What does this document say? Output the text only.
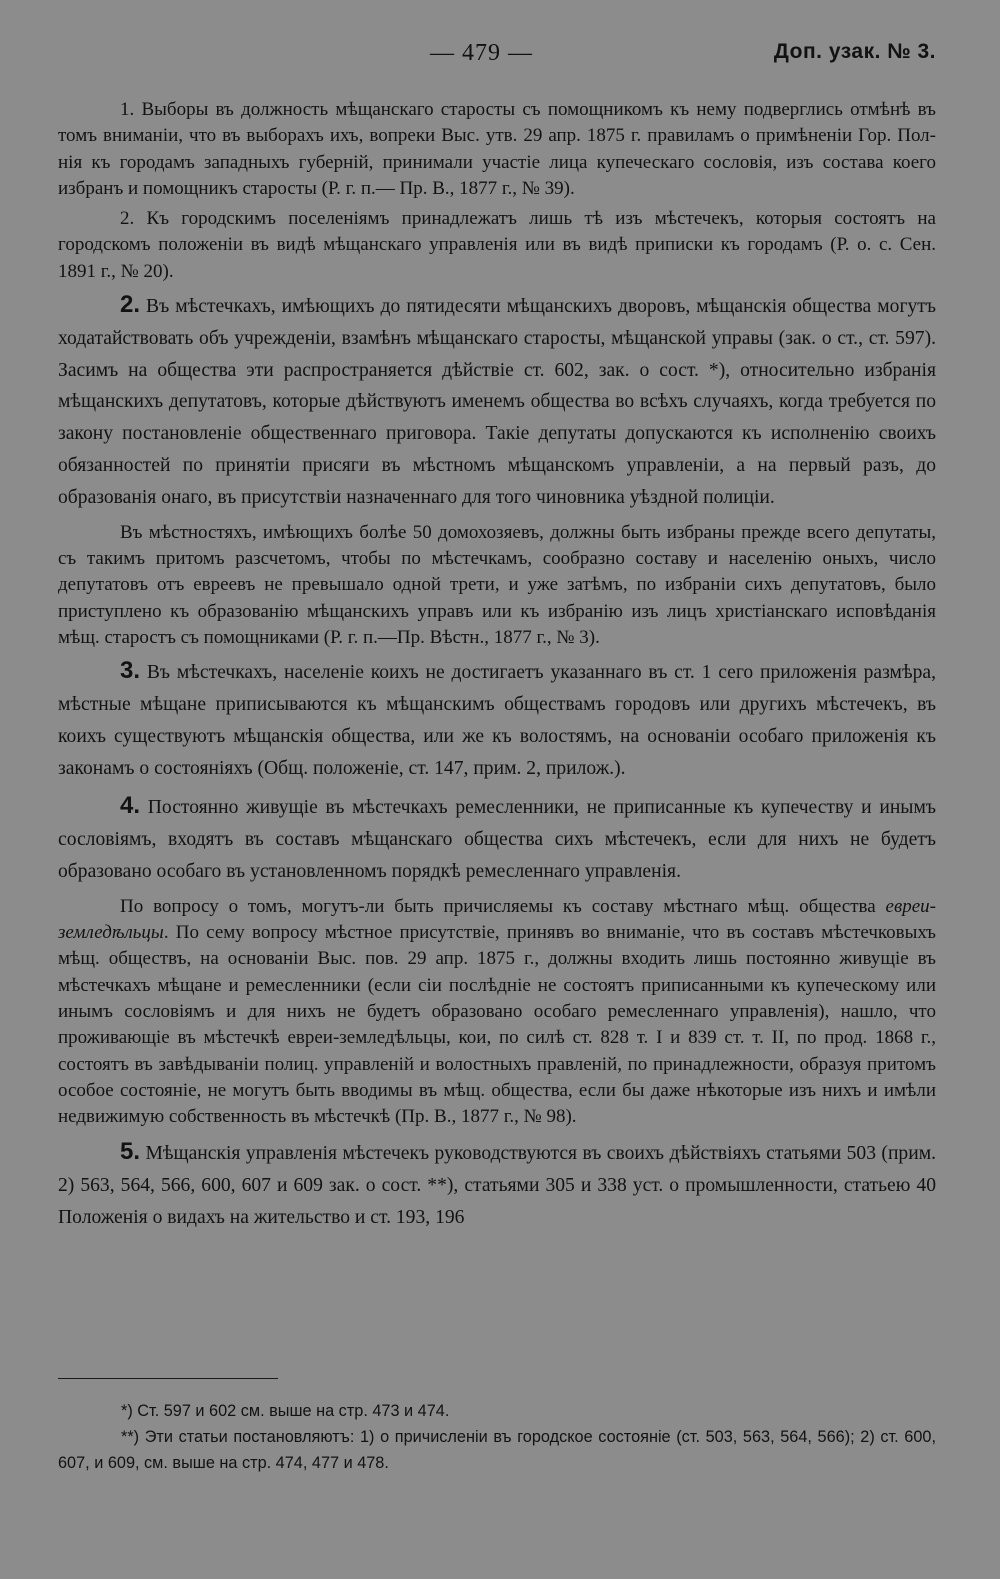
— 479 —	Доп. узак. № 3.

1. Выборы въ должность мѣщанскаго старосты съ помощникомъ къ нему подверглись отмѣнѣ въ томъ вниманіи, что въ выборахъ ихъ, вопреки Выс. утв. 29 апр. 1875 г. правиламъ о примѣненіи Гор. Пол-нія къ городамъ западныхъ губерній, принимали участіе лица купеческаго сословія, изъ состава коего избранъ и помощникъ старосты (Р. г. п.— Пр. В., 1877 г., № 39).

2. Къ городскимъ поселеніямъ принадлежатъ лишь тѣ изъ мѣстечекъ, которыя состоятъ на городскомъ положеніи въ видѣ мѣщанскаго управленія или въ видѣ приписки къ городамъ (Р. о. с. Сен. 1891 г., № 20).

2. Въ мѣстечкахъ, имѣющихъ до пятидесяти мѣщанскихъ дворовъ, мѣщанскія общества могутъ ходатайствовать объ учрежденіи, взамѣнъ мѣщанскаго старосты, мѣщанской управы (зак. о ст., ст. 597). Засимъ на общества эти распространяется дѣйствіе ст. 602, зак. о сост. *), относительно избранія мѣщанскихъ депутатовъ, которые дѣйствуютъ именемъ общества во всѣхъ случаяхъ, когда требуется по закону постановленіе общественнаго приговора. Такіе депутаты допускаются къ исполненію своихъ обязанностей по принятіи присяги въ мѣстномъ мѣщанскомъ управленіи, а на первый разъ, до образованія онаго, въ присутствіи назначеннаго для того чиновника уѣздной полиціи.

Въ мѣстностяхъ, имѣющихъ болѣе 50 домохозяевъ, должны быть избраны прежде всего депутаты, съ такимъ притомъ разсчетомъ, чтобы по мѣстечкамъ, сообразно составу и населенію оныхъ, число депутатовъ отъ евреевъ не превышало одной трети, и уже затѣмъ, по избраніи сихъ депутатовъ, было приступлено къ образованію мѣщанскихъ управъ или къ избранію изъ лицъ христіанскаго исповѣданія мѣщ. старостъ съ помощниками (Р. г. п.—Пр. Вѣстн., 1877 г., № 3).

3. Въ мѣстечкахъ, населеніе коихъ не достигаетъ указаннаго въ ст. 1 сего приложенія размѣра, мѣстные мѣщане приписываются къ мѣщанскимъ обществамъ городовъ или другихъ мѣстечекъ, въ коихъ существуютъ мѣщанскія общества, или же къ волостямъ, на основаніи особаго приложенія къ законамъ о состояніяхъ (Общ. положеніе, ст. 147, прим. 2, прилож.).

4. Постоянно живущіе въ мѣстечкахъ ремесленники, не приписанные къ купечеству и инымъ сословіямъ, входятъ въ составъ мѣщанскаго общества сихъ мѣстечекъ, если для нихъ не будетъ образовано особаго въ установленномъ порядкѣ ремесленнаго управленія.

По вопросу о томъ, могутъ-ли быть причисляемы къ составу мѣстнаго мѣщ. общества евреи-земледѣльцы. По сему вопросу мѣстное присутствіе, принявъ во вниманіе, что въ составъ мѣстечковыхъ мѣщ. обществъ, на основаніи Выс. пов. 29 апр. 1875 г., должны входить лишь постоянно живущіе въ мѣстечкахъ мѣщане и ремесленники (если сіи послѣдніе не состоятъ приписанными къ купеческому или инымъ сословіямъ и для нихъ не будетъ образовано особаго ремесленнаго управленія), нашло, что проживающіе въ мѣстечкѣ евреи-земледѣльцы, кои, по силѣ ст. 828 т. I и 839 ст. т. II, по прод. 1868 г., состоятъ въ завѣдываніи полиц. управленій и волостныхъ правленій, по принадлежности, образуя притомъ особое состояніе, не могутъ быть вводимы въ мѣщ. общества, если бы даже нѣкоторые изъ нихъ и имѣли недвижимую собственность въ мѣстечкѣ (Пр. В., 1877 г., № 98).

5. Мѣщанскія управленія мѣстечекъ руководствуются въ своихъ дѣйствіяхъ статьями 503 (прим. 2) 563, 564, 566, 600, 607 и 609 зак. о сост. **), статьями 305 и 338 уст. о промышленности, статьею 40 Положенія о видахъ на жительство и ст. 193, 196

*) Ст. 597 и 602 см. выше на стр. 473 и 474.

**) Эти статьи постановляютъ: 1) о причисленіи въ городское состояніе (ст. 503, 563, 564, 566); 2) ст. 600, 607, и 609, см. выше на стр. 474, 477 и 478.
